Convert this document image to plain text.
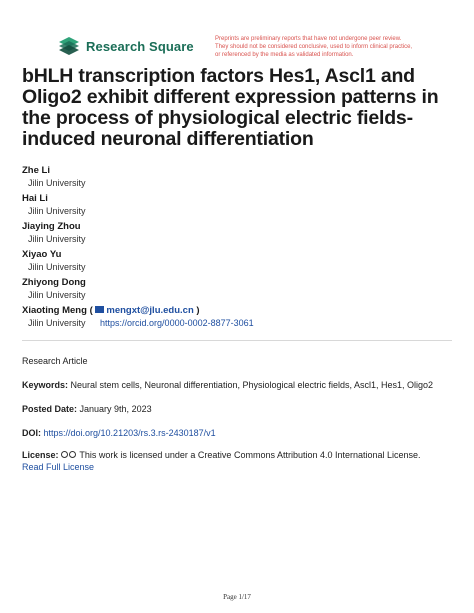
Research Square	Preprints are preliminary reports that have not undergone peer review.
They should not be considered conclusive, used to inform clinical practice,
or referenced by the media as validated information.
bHLH transcription factors Hes1, Ascl1 and Oligo2 exhibit different expression patterns in the process of physiological electric fields-induced neuronal differentiation
Zhe Li
Jilin University
Hai Li
Jilin University
Jiaying Zhou
Jilin University
Xiyao Yu
Jilin University
Zhiyong Dong
Jilin University
Xiaoting Meng ( mengxt@jlu.edu.cn )
Jilin University https://orcid.org/0000-0002-8877-3061
Research Article
Keywords: Neural stem cells, Neuronal differentiation, Physiological electric fields, Ascl1, Hes1, Oligo2
Posted Date: January 9th, 2023
DOI: https://doi.org/10.21203/rs.3.rs-2430187/v1
License: This work is licensed under a Creative Commons Attribution 4.0 International License.
Read Full License
Page 1/17
